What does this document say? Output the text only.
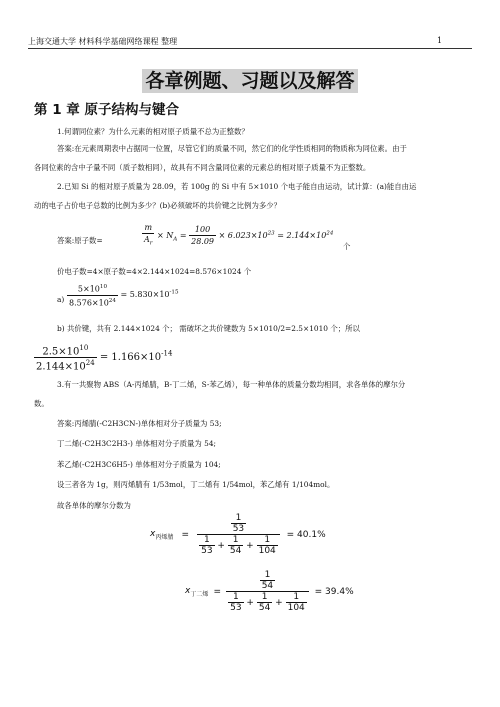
上海交通大学 材料科学基础网络课程 整理	1
各章例题、习题以及解答
第 1 章 原子结构与键合
1.何谓同位素？为什么元素的相对原子质量不总为正整数？
答案:在元素周期表中占据同一位置，尽管它们的质量不同，然它们的化学性质相同的物质称为同位素。由于
各同位素的含中子量不同（质子数相同），故具有不同含量同位素的元素总的相对原子质量不为正整数。
2.已知 Si 的相对原子质量为 28.09，若 100g 的 Si 中有 5×1010 个电子能自由运动，试计算：(a)能自由运
动的电子占价电子总数的比例为多少？(b)必须破坏的共价键之比例为多少？
答案:原子数=	$\frac{m}{A_r} \times N_A = \frac{100}{28.09} \times 6.023\times 10^{23} = 2.144\times 10^{24}$
个
价电子数=4×原子数=4×2.144×1024=8.576×1024 个
$a) \frac{5\times 10^{10}}{8.576\times 10^{24}} = 5.830\times 10^{-15}$
b) 共价键，共有 2.144×1024 个； 需破坏之共价键数为 5×1010/2=2.5×1010 个；所以
$\frac{2.5\times 10^{10}}{2.144\times 10^{24}} = 1.166\times 10^{-14}$
3.有一共聚物 ABS（A-丙烯腈，B-丁二烯，S-苯乙烯），每一种单体的质量分数均相同，求各单体的摩尔分
数。
答案:丙烯腈(-C2H3CN-)单体相对分子质量为 53;
丁二烯(-C2H3C2H3-) 单体相对分子质量为 54;
苯乙烯(-C2H3C6H5-) 单体相对分子质量为 104;
设三者各为 1g，则丙烯腈有 1/53mol，丁二烯有 1/54mol，苯乙烯有 1/104mol。
故各单体的摩尔分数为
$x_{丙烯腈} = \frac{\frac{1}{53}}{\frac{1}{53} + \frac{1}{54} + \frac{1}{104}} = 40.1\%$
$x_{丁二烯} = \frac{\frac{1}{54}}{\frac{1}{53} + \frac{1}{54} + \frac{1}{104}} = 39.4\%$
